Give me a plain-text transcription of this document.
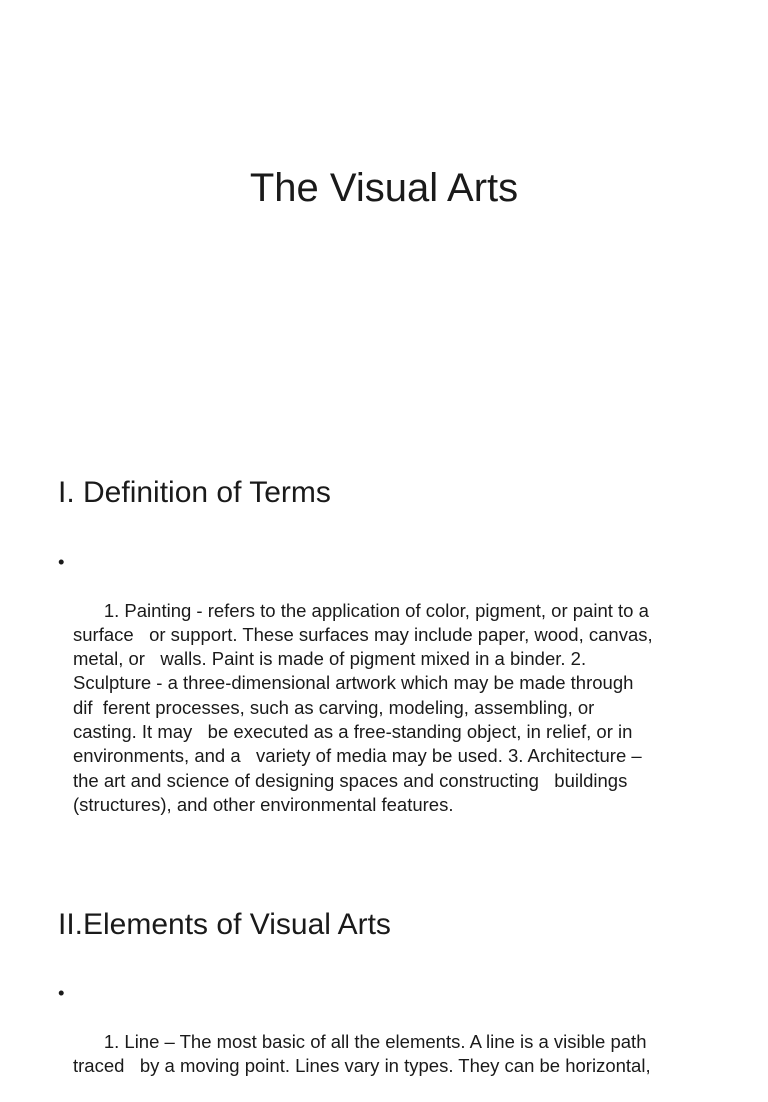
The Visual Arts
I. Definition of Terms

•

1. Painting - refers to the application of color, pigment, or paint to a
surface   or support. These surfaces may include paper, wood, canvas,
metal, or   walls. Paint is made of pigment mixed in a binder. 2.
Sculpture - a three-dimensional artwork which may be made through
dif  ferent processes, such as carving, modeling, assembling, or
casting. It may   be executed as a free-standing object, in relief, or in
environments, and a   variety of media may be used. 3. Architecture –
the art and science of designing spaces and constructing   buildings
(structures), and other environmental features.

II.Elements of Visual Arts

•

1. Line – The most basic of all the elements. A line is a visible path
traced   by a moving point. Lines vary in types. They can be horizontal,
